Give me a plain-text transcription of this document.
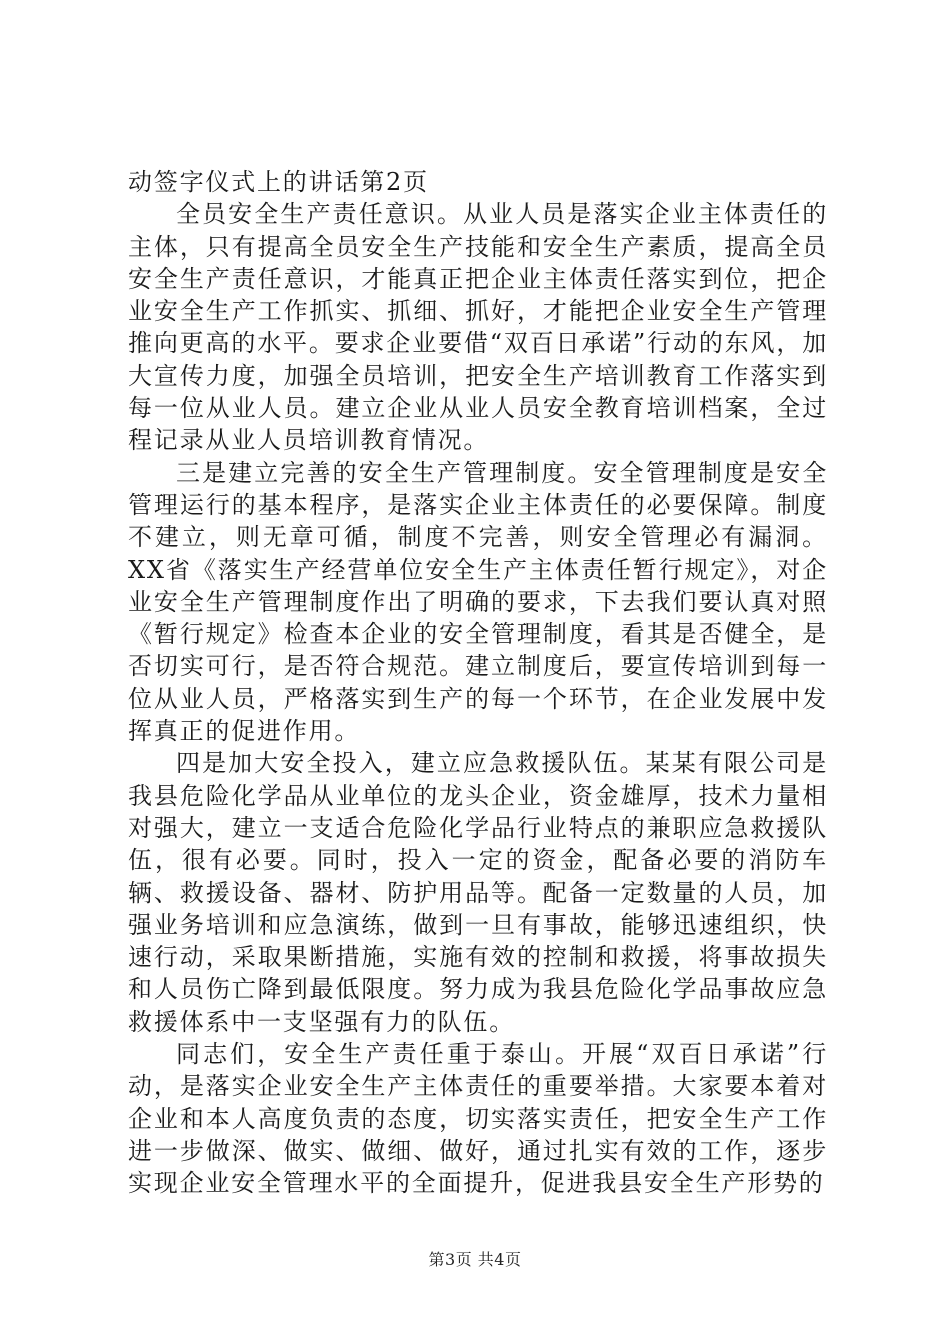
动签字仪式上的讲话第2页

全员安全生产责任意识。从业人员是落实企业主体责任的主体，只有提高全员安全生产技能和安全生产素质，提高全员安全生产责任意识，才能真正把企业主体责任落实到位，把企业安全生产工作抓实、抓细、抓好，才能把企业安全生产管理推向更高的水平。要求企业要借“双百日承诺”行动的东风，加大宣传力度，加强全员培训，把安全生产培训教育工作落实到每一位从业人员。建立企业从业人员安全教育培训档案，全过程记录从业人员培训教育情况。

三是建立完善的安全生产管理制度。安全管理制度是安全管理运行的基本程序，是落实企业主体责任的必要保障。制度不建立，则无章可循，制度不完善，则安全管理必有漏洞。XX省《落实生产经营单位安全生产主体责任暂行规定》，对企业安全生产管理制度作出了明确的要求，下去我们要认真对照《暂行规定》检查本企业的安全管理制度，看其是否健全，是否切实可行，是否符合规范。建立制度后，要宣传培训到每一位从业人员，严格落实到生产的每一个环节，在企业发展中发挥真正的促进作用。

四是加大安全投入，建立应急救援队伍。某某有限公司是我县危险化学品从业单位的龙头企业，资金雄厚，技术力量相对强大，建立一支适合危险化学品行业特点的兼职应急救援队伍，很有必要。同时，投入一定的资金，配备必要的消防车辆、救援设备、器材、防护用品等。配备一定数量的人员，加强业务培训和应急演练，做到一旦有事故，能够迅速组织，快速行动，采取果断措施，实施有效的控制和救援，将事故损失和人员伤亡降到最低限度。努力成为我县危险化学品事故应急救援体系中一支坚强有力的队伍。

同志们，安全生产责任重于泰山。开展“双百日承诺”行动，是落实企业安全生产主体责任的重要举措。大家要本着对企业和本人高度负责的态度，切实落实责任，把安全生产工作进一步做深、做实、做细、做好，通过扎实有效的工作，逐步实现企业安全管理水平的全面提升，促进我县安全生产形势的

第3页 共4页
